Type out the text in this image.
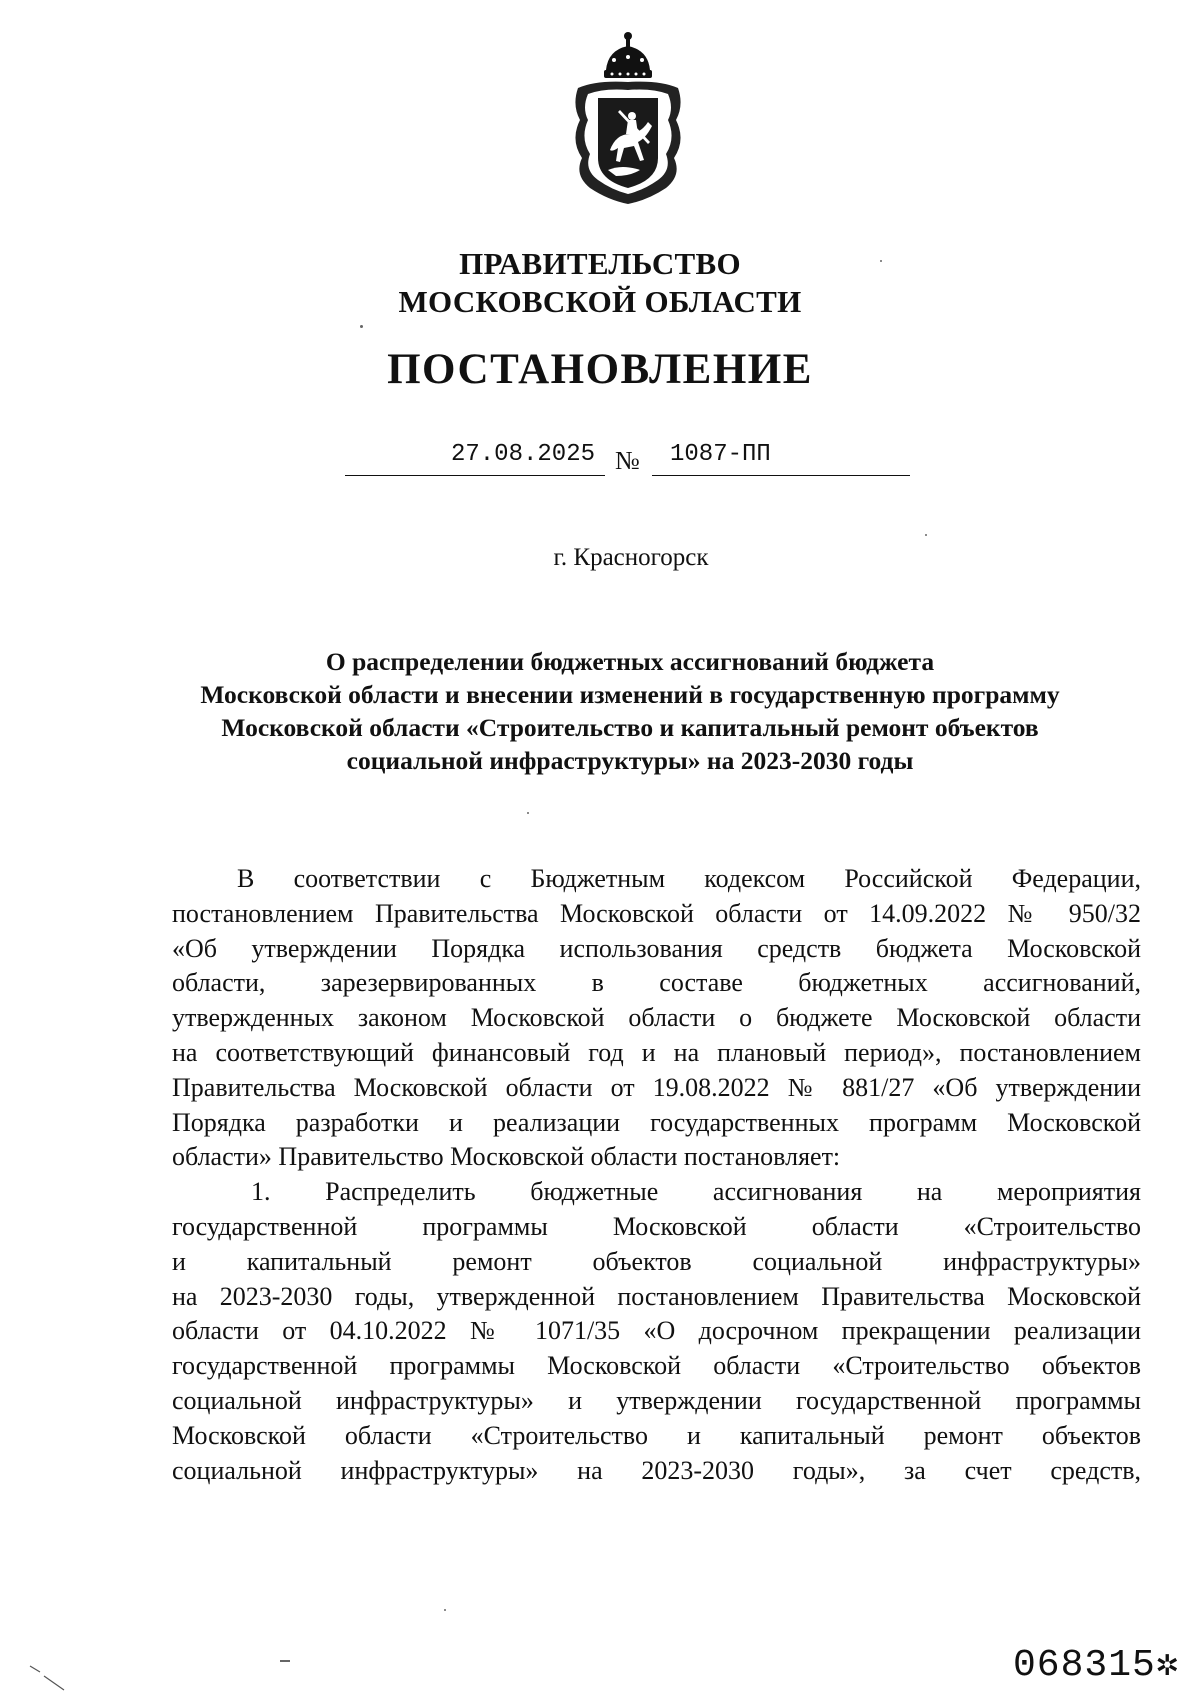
ПРАВИТЕЛЬСТВО
МОСКОВСКОЙ ОБЛАСТИ
ПОСТАНОВЛЕНИЕ
27.08.2025 №	1087-ПП
г. Красногорск
О распределении бюджетных ассигнований бюджета
Московской области и внесении изменений в государственную программу
Московской области «Строительство и капитальный ремонт объектов
социальной инфраструктуры» на 2023-2030 годы
В соответствии с Бюджетным кодексом Российской Федерации,
постановлением Правительства Московской области от 14.09.2022 № 950/32
«Об утверждении Порядка использования средств бюджета Московской
области, зарезервированных в составе бюджетных ассигнований,
утвержденных законом Московской области о бюджете Московской области
на соответствующий финансовый год и на плановый период», постановлением
Правительства Московской области от 19.08.2022 № 881/27 «Об утверждении
Порядка разработки и реализации государственных программ Московской
области» Правительство Московской области постановляет:
1. Распределить бюджетные ассигнования на мероприятия
государственной программы Московской области «Строительство
и капитальный ремонт объектов социальной инфраструктуры»
на 2023-2030 годы, утвержденной постановлением Правительства Московской
области от 04.10.2022 № 1071/35 «О досрочном прекращении реализации
государственной программы Московской области «Строительство объектов
социальной инфраструктуры» и утверждении государственной программы
Московской области «Строительство и капитальный ремонт объектов
социальной инфраструктуры» на 2023-2030 годы», за счет средств,
068315✲
